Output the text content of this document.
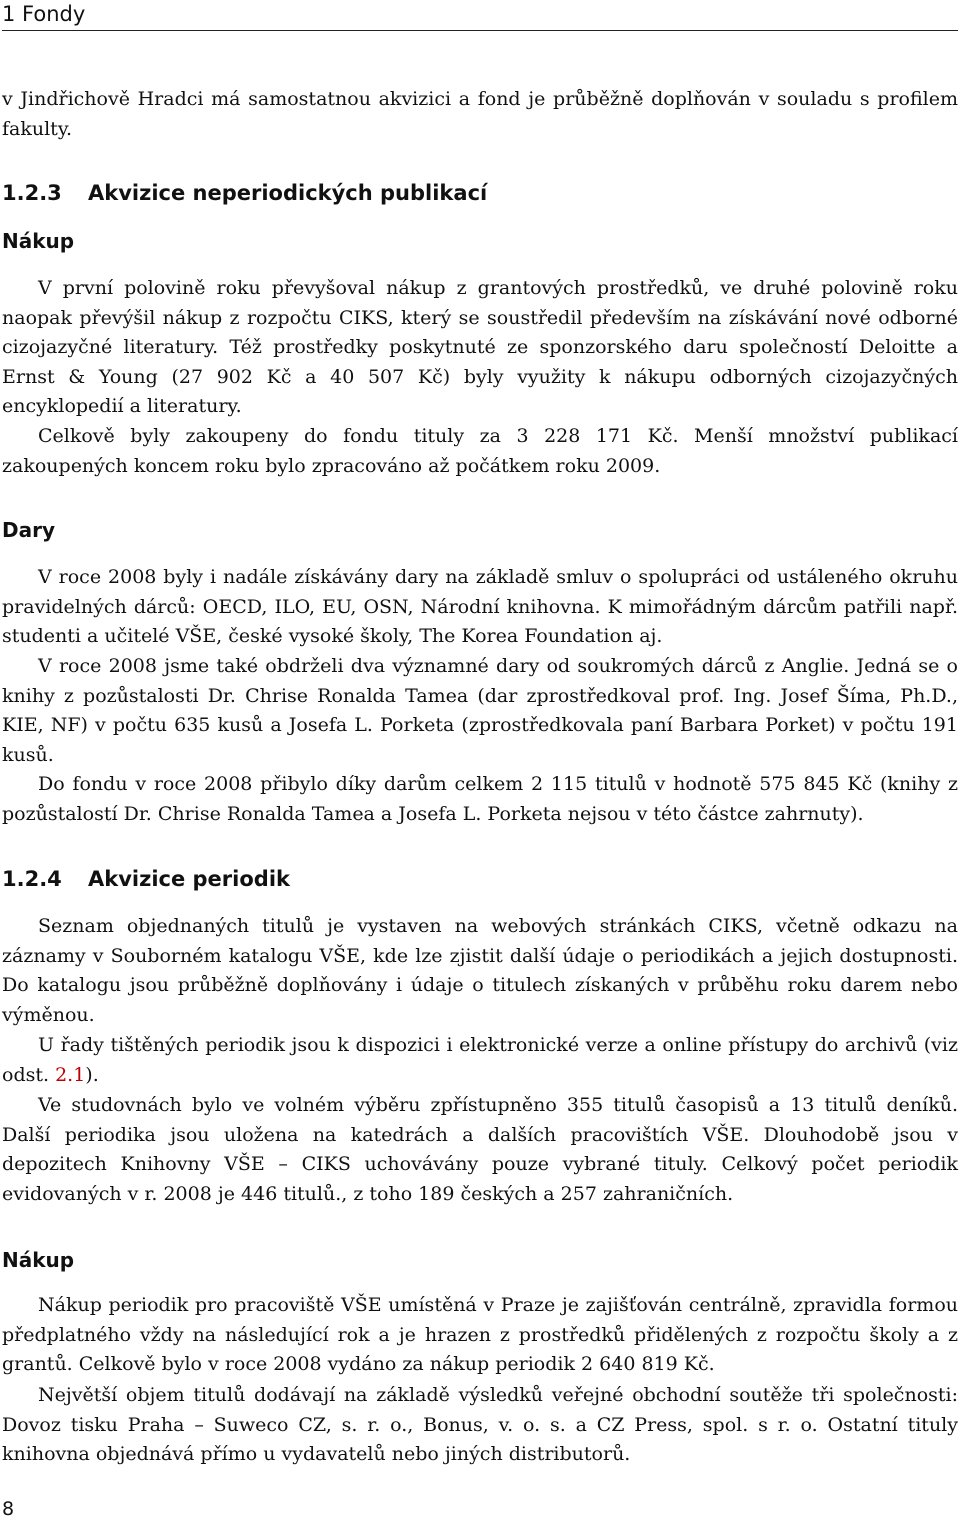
1 Fondy

v Jindřichově Hradci má samostatnou akvizici a fond je průběžně doplňován v souladu s profilem fakulty.

1.2.3 Akvizice neperiodických publikací
Nákup

V první polovině roku převyšoval nákup z grantových prostředků, ve druhé polovině roku naopak převýšil nákup z rozpočtu CIKS, který se soustředil především na získávání nové odborné cizojazyčné literatury. Též prostředky poskytnuté ze sponzorského daru společností Deloitte a Ernst & Young (27 902 Kč a 40 507 Kč) byly využity k nákupu odborných cizojazyčných encyklopedií a literatury.

Celkově byly zakoupeny do fondu tituly za 3 228 171 Kč. Menší množství publikací zakoupených koncem roku bylo zpracováno až počátkem roku 2009.

Dary

V roce 2008 byly i nadále získávány dary na základě smluv o spolupráci od ustáleného okruhu pravidelných dárců: OECD, ILO, EU, OSN, Národní knihovna. K mimořádným dárcům patřili např. studenti a učitelé VŠE, české vysoké školy, The Korea Foundation aj.

V roce 2008 jsme také obdrželi dva významné dary od soukromých dárců z Anglie. Jedná se o knihy z pozůstalosti Dr. Chrise Ronalda Tamea (dar zprostředkoval prof. Ing. Josef Šíma, Ph.D., KIE, NF) v počtu 635 kusů a Josefa L. Porketa (zprostředkovala paní Barbara Porket) v počtu 191 kusů.

Do fondu v roce 2008 přibylo díky darům celkem 2 115 titulů v hodnotě 575 845 Kč (knihy z pozůstalostí Dr. Chrise Ronalda Tamea a Josefa L. Porketa nejsou v této částce zahrnuty).

1.2.4 Akvizice periodik

Seznam objednaných titulů je vystaven na webových stránkách CIKS, včetně odkazu na záznamy v Souborném katalogu VŠE, kde lze zjistit další údaje o periodikách a jejich dostupnosti. Do katalogu jsou průběžně doplňovány i údaje o titulech získaných v průběhu roku darem nebo výměnou.

U řady tištěných periodik jsou k dispozici i elektronické verze a online přístupy do archivů (viz odst. 2.1).

Ve studovnách bylo ve volném výběru zpřístupněno 355 titulů časopisů a 13 titulů deníků. Další periodika jsou uložena na katedrách a dalších pracovištích VŠE. Dlouhodobě jsou v depozitech Knihovny VŠE – CIKS uchovávány pouze vybrané tituly. Celkový počet periodik evidovaných v r. 2008 je 446 titulů., z toho 189 českých a 257 zahraničních.

Nákup

Nákup periodik pro pracoviště VŠE umístěná v Praze je zajišťován centrálně, zpravidla formou předplatného vždy na následující rok a je hrazen z prostředků přidělených z rozpočtu školy a z grantů. Celkově bylo v roce 2008 vydáno za nákup periodik 2 640 819 Kč.

Největší objem titulů dodávají na základě výsledků veřejné obchodní soutěže tři společnosti: Dovoz tisku Praha – Suweco CZ, s. r. o., Bonus, v. o. s. a CZ Press, spol. s r. o. Ostatní tituly knihovna objednává přímo u vydavatelů nebo jiných distributorů.

8
